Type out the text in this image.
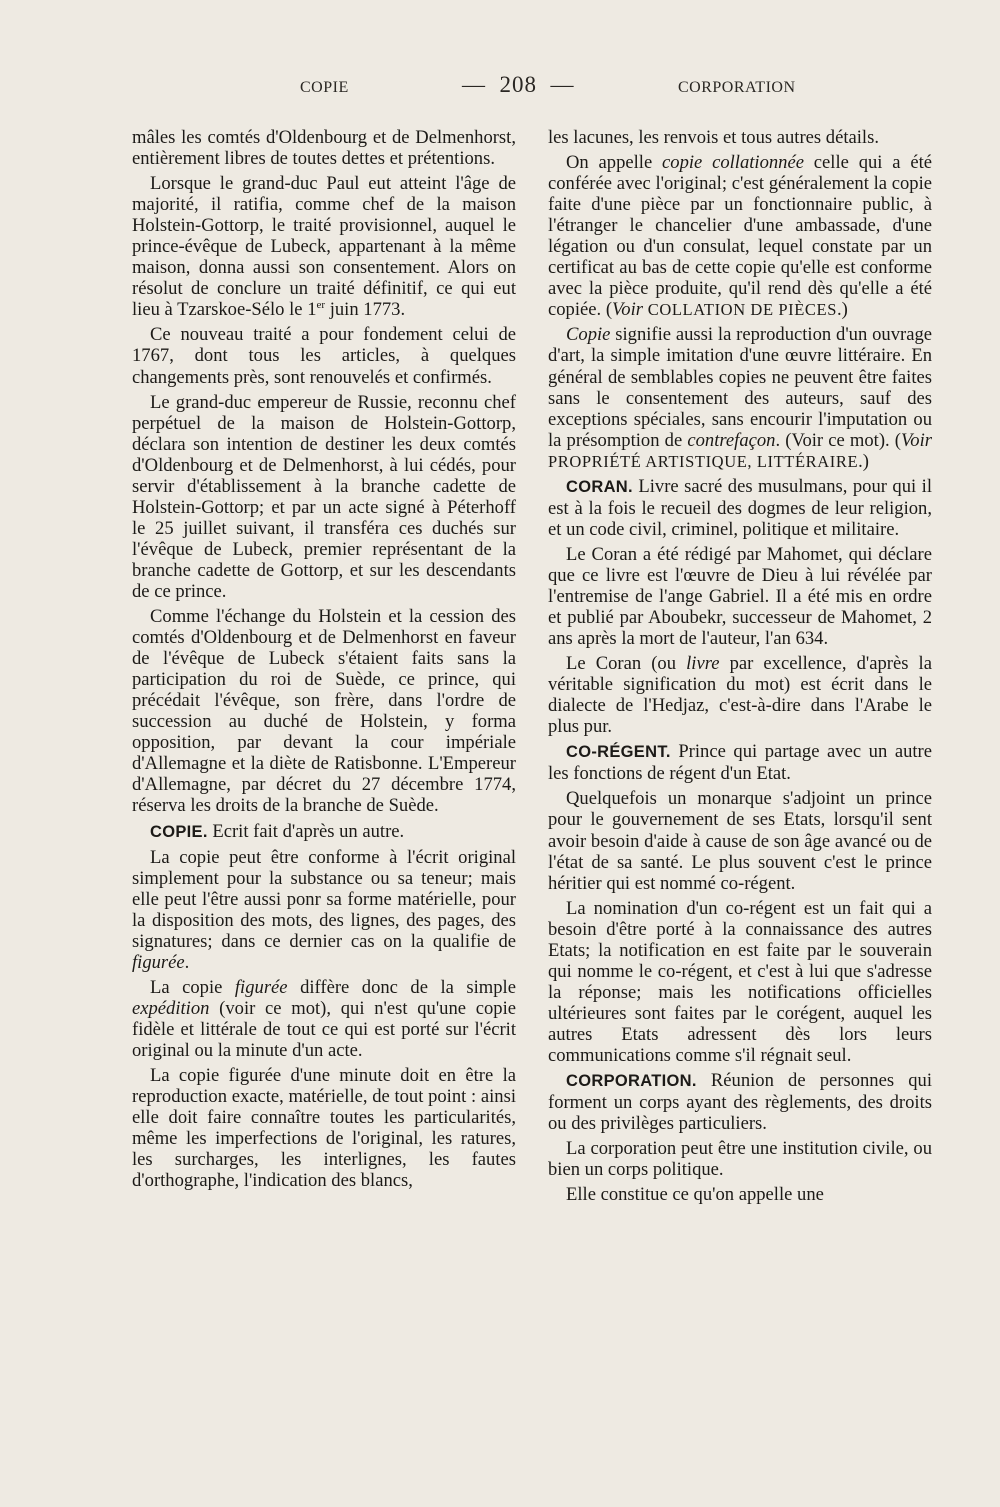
COPIE	—  208  —	CORPORATION

mâles les comtés d'Oldenbourg et de Delmenhorst, entièrement libres de toutes dettes et prétentions.

Lorsque le grand-duc Paul eut atteint l'âge de majorité, il ratifia, comme chef de la maison Holstein-Gottorp, le traité provisionnel, auquel le prince-évêque de Lubeck, appartenant à la même maison, donna aussi son consentement. Alors on résolut de conclure un traité définitif, ce qui eut lieu à Tzarskoe-Sélo le 1er juin 1773.

Ce nouveau traité a pour fondement celui de 1767, dont tous les articles, à quelques changements près, sont renouvelés et confirmés.

Le grand-duc empereur de Russie, reconnu chef perpétuel de la maison de Holstein-Gottorp, déclara son intention de destiner les deux comtés d'Oldenbourg et de Delmenhorst, à lui cédés, pour servir d'établissement à la branche cadette de Holstein-Gottorp; et par un acte signé à Péterhoff le 25 juillet suivant, il transféra ces duchés sur l'évêque de Lubeck, premier représentant de la branche cadette de Gottorp, et sur les descendants de ce prince.

Comme l'échange du Holstein et la cession des comtés d'Oldenbourg et de Delmenhorst en faveur de l'évêque de Lubeck s'étaient faits sans la participation du roi de Suède, ce prince, qui précédait l'évêque, son frère, dans l'ordre de succession au duché de Holstein, y forma opposition, par devant la cour impériale d'Allemagne et la diète de Ratisbonne. L'Empereur d'Allemagne, par décret du 27 décembre 1774, réserva les droits de la branche de Suède.

COPIE. Ecrit fait d'après un autre.

La copie peut être conforme à l'écrit original simplement pour la substance ou sa teneur; mais elle peut l'être aussi ponr sa forme matérielle, pour la disposition des mots, des lignes, des pages, des signatures; dans ce dernier cas on la qualifie de figurée.

La copie figurée diffère donc de la simple expédition (voir ce mot), qui n'est qu'une copie fidèle et littérale de tout ce qui est porté sur l'écrit original ou la minute d'un acte.

La copie figurée d'une minute doit en être la reproduction exacte, matérielle, de tout point : ainsi elle doit faire connaître toutes les particularités, même les imperfections de l'original, les ratures, les surcharges, les interlignes, les fautes d'orthographe, l'indication des blancs,

les lacunes, les renvois et tous autres détails.

On appelle copie collationnée celle qui a été conférée avec l'original; c'est généralement la copie faite d'une pièce par un fonctionnaire public, à l'étranger le chancelier d'une ambassade, d'une légation ou d'un consulat, lequel constate par un certificat au bas de cette copie qu'elle est conforme avec la pièce produite, qu'il rend dès qu'elle a été copiée. (Voir COLLATION DE PIÈCES.)

Copie signifie aussi la reproduction d'un ouvrage d'art, la simple imitation d'une œuvre littéraire. En général de semblables copies ne peuvent être faites sans le consentement des auteurs, sauf des exceptions spéciales, sans encourir l'imputation ou la présomption de contrefaçon. (Voir ce mot). (Voir PROPRIÉTÉ ARTISTIQUE, LITTÉRAIRE.)

CORAN. Livre sacré des musulmans, pour qui il est à la fois le recueil des dogmes de leur religion, et un code civil, criminel, politique et militaire.

Le Coran a été rédigé par Mahomet, qui déclare que ce livre est l'œuvre de Dieu à lui révélée par l'entremise de l'ange Gabriel. Il a été mis en ordre et publié par Aboubekr, successeur de Mahomet, 2 ans après la mort de l'auteur, l'an 634.

Le Coran (ou livre par excellence, d'après la véritable signification du mot) est écrit dans le dialecte de l'Hedjaz, c'est-à-dire dans l'Arabe le plus pur.

CO-RÉGENT. Prince qui partage avec un autre les fonctions de régent d'un Etat.

Quelquefois un monarque s'adjoint un prince pour le gouvernement de ses Etats, lorsqu'il sent avoir besoin d'aide à cause de son âge avancé ou de l'état de sa santé. Le plus souvent c'est le prince héritier qui est nommé co-régent.

La nomination d'un co-régent est un fait qui a besoin d'être porté à la connaissance des autres Etats; la notification en est faite par le souverain qui nomme le co-régent, et c'est à lui que s'adresse la réponse; mais les notifications officielles ultérieures sont faites par le corégent, auquel les autres Etats adressent dès lors leurs communications comme s'il régnait seul.

CORPORATION. Réunion de personnes qui forment un corps ayant des règlements, des droits ou des privilèges particuliers.

La corporation peut être une institution civile, ou bien un corps politique.

Elle constitue ce qu'on appelle une
